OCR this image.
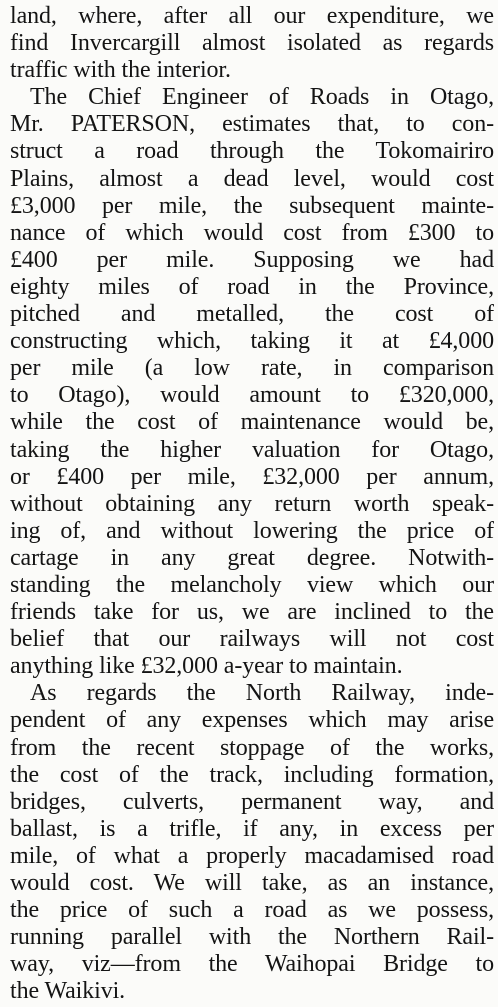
land, where, after all our expenditure, we
find Invercargill almost isolated as regards
traffic with the interior.
The Chief Engineer of Roads in Otago,
Mr. PATERSON, estimates that, to con-
struct a road through the Tokomairiro
Plains, almost a dead level, would cost
£3,000 per mile, the subsequent mainte-
nance of which would cost from £300 to
£400 per mile. Supposing we had
eighty miles of road in the Province,
pitched and metalled, the cost of
constructing which, taking it at £4,000
per mile (a low rate, in comparison
to Otago), would amount to £320,000,
while the cost of maintenance would be,
taking the higher valuation for Otago,
or £400 per mile, £32,000 per annum,
without obtaining any return worth speak-
ing of, and without lowering the price of
cartage in any great degree. Notwith-
standing the melancholy view which our
friends take for us, we are inclined to the
belief that our railways will not cost
anything like £32,000 a-year to maintain.
As regards the North Railway, inde-
pendent of any expenses which may arise
from the recent stoppage of the works,
the cost of the track, including formation,
bridges, culverts, permanent way, and
ballast, is a trifle, if any, in excess per
mile, of what a properly macadamised road
would cost. We will take, as an instance,
the price of such a road as we possess,
running parallel with the Northern Rail-
way, viz—from the Waihopai Bridge to
the Waikivi.
